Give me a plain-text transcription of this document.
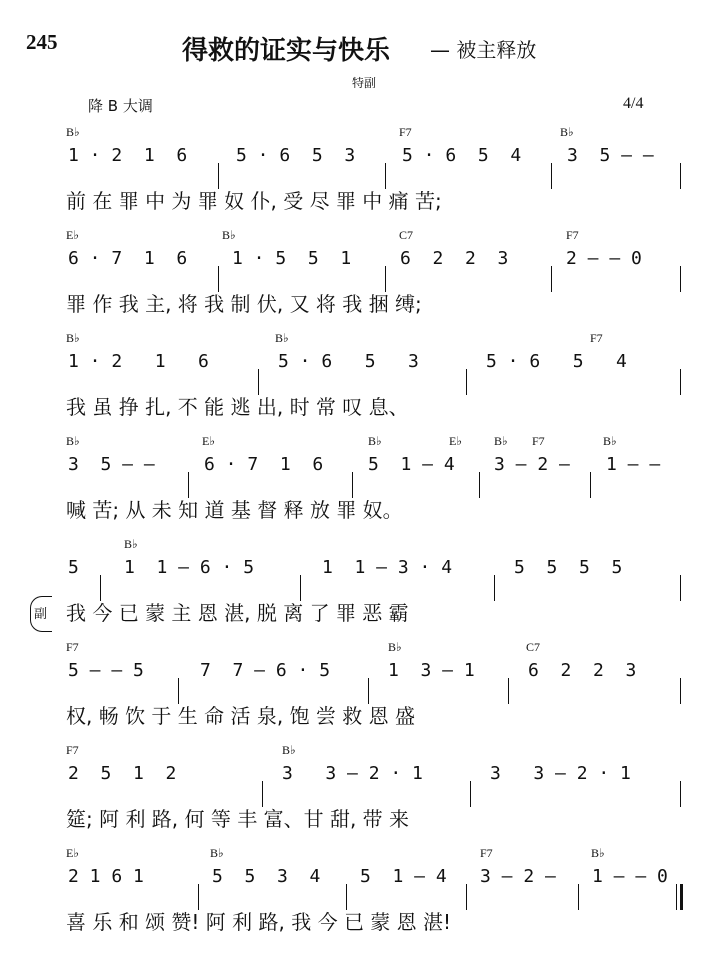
245	得救的证实与快乐 — 被主释放
特副
降 B 大调	4/4
副
B♭	F7	B♭
1 · 2  1  6	5 · 6  5  3	5 · 6  5  4	3  5 — —
前 在 罪 中 为 罪 奴 仆, 受 尽 罪 中 痛 苦;
E♭	B♭	C7	F7
6 · 7  1  6 1 · 5  5  1	6  2  2  3	2 — — 0
罪 作 我 主, 将 我 制 伏, 又 将 我 捆 缚;
B♭	B♭	F7
1 · 2   1   6	5 · 6   5   3	5 · 6   5   4
我 虽 挣 扎, 不 能 逃 出, 时 常 叹 息、
B♭	E♭	B♭	E♭	B♭ F7	B♭
3  5 — —	6 · 7  1  6 5  1 — 4 3 — 2 — 1 — —
喊 苦; 从 未 知 道 基 督 释 放 罪 奴。
B♭
5	1  1 — 6 · 5	1  1 — 3 · 4	5  5  5  5
我 今 已 蒙 主 恩 湛, 脱 离 了 罪 恶 霸
F7	B♭	C7
5 — — 5	7  7 — 6 · 5	1  3 — 1	6  2  2  3
权, 畅 饮 于 生 命 活 泉, 饱 尝 救 恩 盛
F7	B♭
2  5  1  2	3   3 — 2 · 1	3   3 — 2 · 1
筵; 阿 利 路, 何 等 丰 富、甘 甜, 带 来
E♭	B♭	F7	B♭
2 1 6 1	5  5  3  4 5  1 — 4 3 — 2 — 1 — — 0
喜 乐 和 颂 赞! 阿 利 路, 我 今 已 蒙 恩 湛!
